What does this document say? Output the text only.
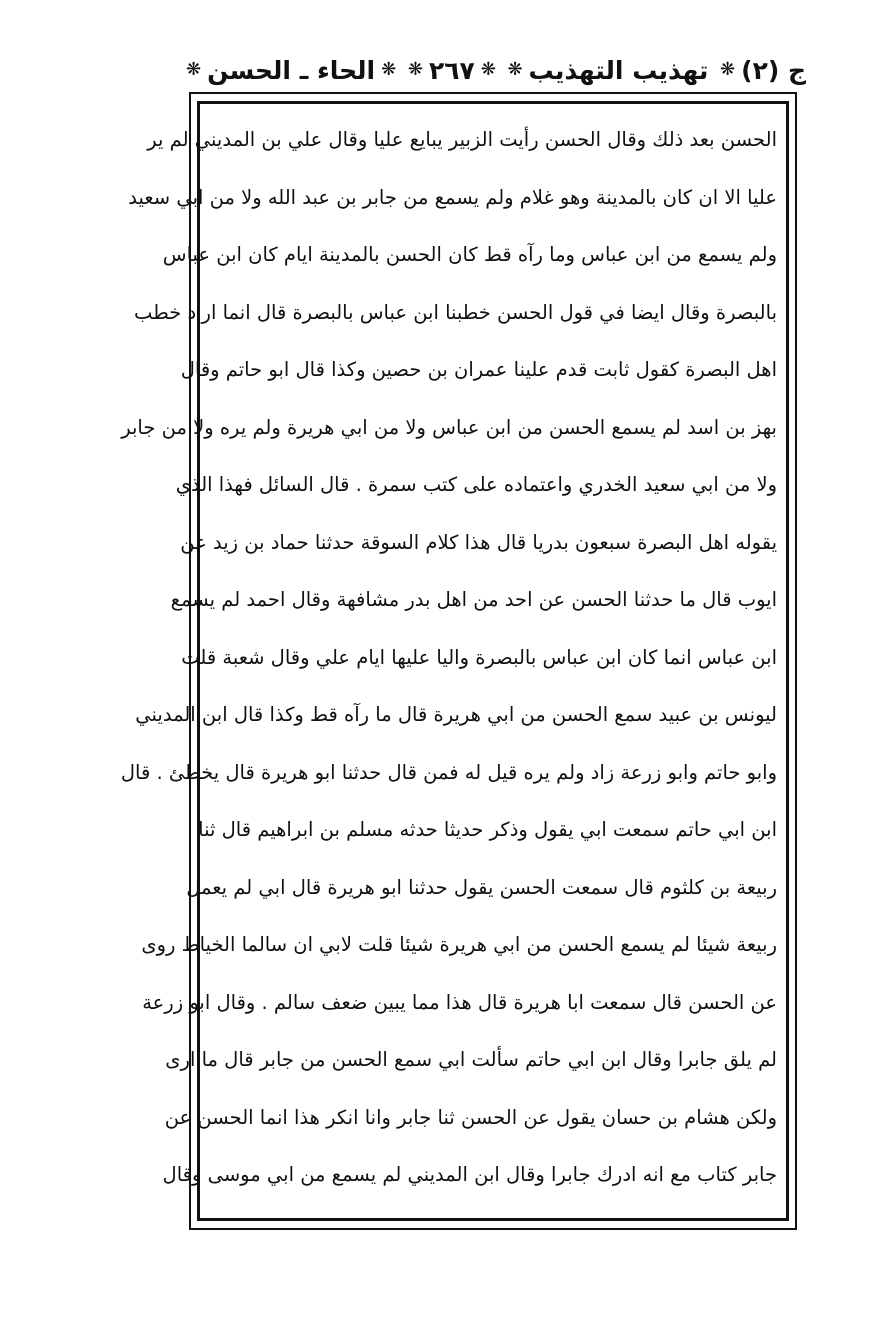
ج (٢)
❋
تهذيب التهذيب
❋
❋
٢٦٧
❋
❋
الحاء ـ الحسن
❋
الحسن بعد ذلك وقال الحسن رأيت الزبير يبايع عليا وقال علي بن المديني لم ير
عليا الا ان كان بالمدينة وهو غلام ولم يسمع من جابر بن عبد الله ولا من ابي سعيد
ولم يسمع من ابن عباس وما رآه قط كان الحسن بالمدينة ايام كان ابن عباس
بالبصرة وقال ايضا في قول الحسن خطبنا ابن عباس بالبصرة قال انما اراد خطب
اهل البصرة كقول ثابت قدم علينا عمران بن حصين وكذا قال ابو حاتم وقال
بهز بن اسد لم يسمع الحسن من ابن عباس ولا من ابي هريرة ولم يره ولا من جابر
ولا من ابي سعيد الخدري واعتماده على كتب سمرة . قال السائل فهذا الذي
يقوله اهل البصرة سبعون بدريا قال هذا كلام السوقة حدثنا حماد بن زيد عن
ايوب قال ما حدثنا الحسن عن احد من اهل بدر مشافهة وقال احمد لم يسمع
ابن عباس انما كان ابن عباس بالبصرة واليا عليها ايام علي وقال شعبة قلت
ليونس بن عبيد سمع الحسن من ابي هريرة قال ما رآه قط وكذا قال ابن المديني
وابو حاتم وابو زرعة زاد ولم يره قيل له فمن قال حدثنا ابو هريرة قال يخطئ . قال
ابن ابي حاتم سمعت ابي يقول وذكر حديثا حدثه مسلم بن ابراهيم قال ثنا
ربيعة بن كلثوم قال سمعت الحسن يقول حدثنا ابو هريرة قال ابي لم يعمل
ربيعة شيئا لم يسمع الحسن من ابي هريرة شيئا قلت لابي ان سالما الخياط روى
عن الحسن قال سمعت ابا هريرة قال هذا مما يبين ضعف سالم . وقال ابو زرعة
لم يلق جابرا وقال ابن ابي حاتم سألت ابي سمع الحسن من جابر قال ما ارى
ولكن هشام بن حسان يقول عن الحسن ثنا جابر وانا انكر هذا انما الحسن عن
جابر كتاب مع انه ادرك جابرا وقال ابن المديني لم يسمع من ابي موسى وقال
